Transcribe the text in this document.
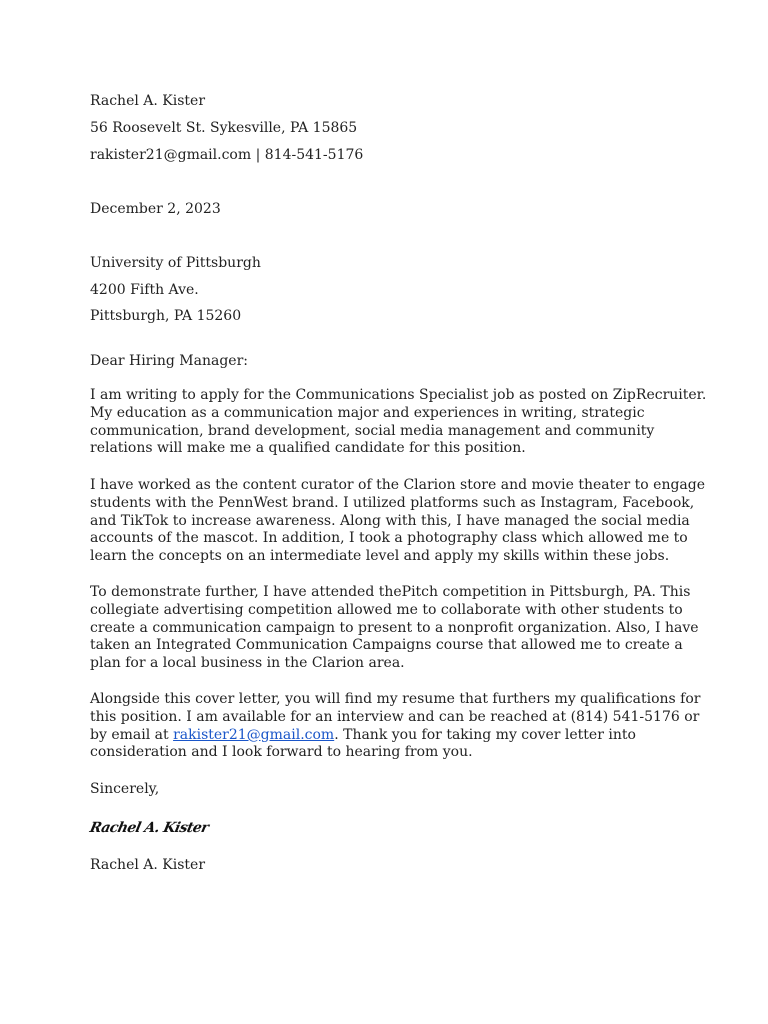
Rachel A. Kister
56 Roosevelt St. Sykesville, PA 15865
rakister21@gmail.com | 814-541-5176
December 2, 2023
University of Pittsburgh
4200 Fifth Ave.
Pittsburgh, PA 15260
Dear Hiring Manager:
I am writing to apply for the Communications Specialist job as posted on ZipRecruiter.
My education as a communication major and experiences in writing, strategic
communication, brand development, social media management and community
relations will make me a qualified candidate for this position.
I have worked as the content curator of the Clarion store and movie theater to engage
students with the PennWest brand. I utilized platforms such as Instagram, Facebook,
and TikTok to increase awareness. Along with this, I have managed the social media
accounts of the mascot. In addition, I took a photography class which allowed me to
learn the concepts on an intermediate level and apply my skills within these jobs.
To demonstrate further, I have attended thePitch competition in Pittsburgh, PA. This
collegiate advertising competition allowed me to collaborate with other students to
create a communication campaign to present to a nonprofit organization. Also, I have
taken an Integrated Communication Campaigns course that allowed me to create a
plan for a local business in the Clarion area.
Alongside this cover letter, you will find my resume that furthers my qualifications for
this position. I am available for an interview and can be reached at (814) 541-5176 or
by email at rakister21@gmail.com. Thank you for taking my cover letter into
consideration and I look forward to hearing from you.
Sincerely,
Rachel A. Kister
Rachel A. Kister
